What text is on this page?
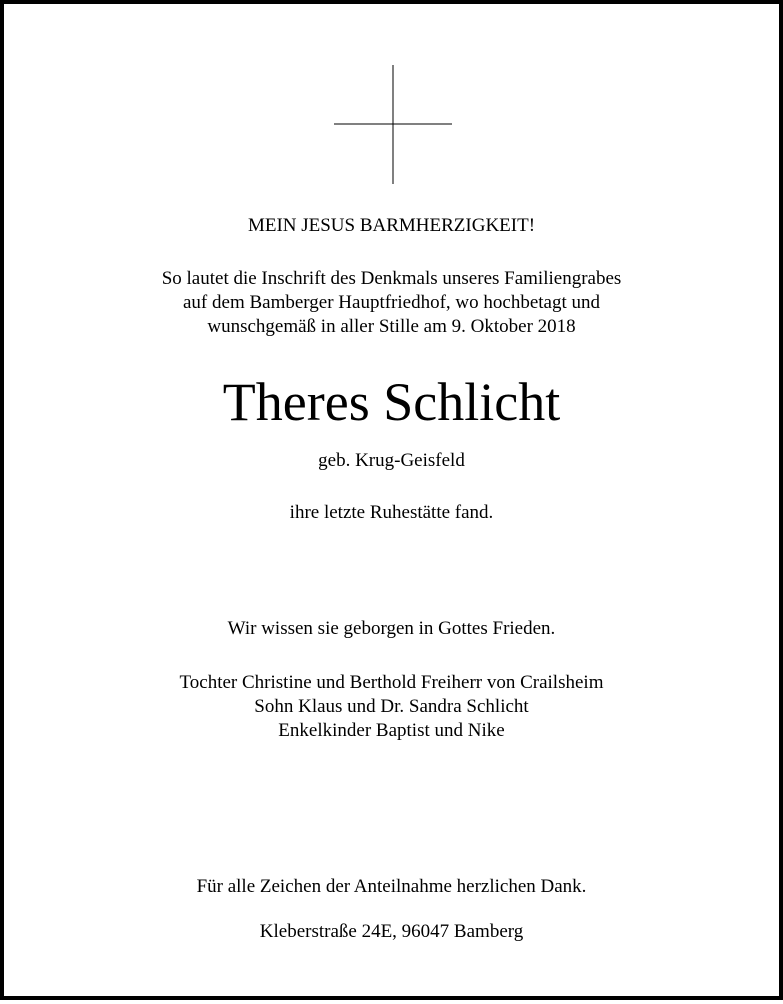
MEIN JESUS BARMHERZIGKEIT!
So lautet die Inschrift des Denkmals unseres Familiengrabes
auf dem Bamberger Hauptfriedhof, wo hochbetagt und
wunschgemäß in aller Stille am 9. Oktober 2018
Theres Schlicht
geb. Krug-Geisfeld
ihre letzte Ruhestätte fand.
Wir wissen sie geborgen in Gottes Frieden.
Tochter Christine und Berthold Freiherr von Crailsheim
Sohn Klaus und Dr. Sandra Schlicht
Enkelkinder Baptist und Nike
Für alle Zeichen der Anteilnahme herzlichen Dank.
Kleberstraße 24E, 96047 Bamberg
